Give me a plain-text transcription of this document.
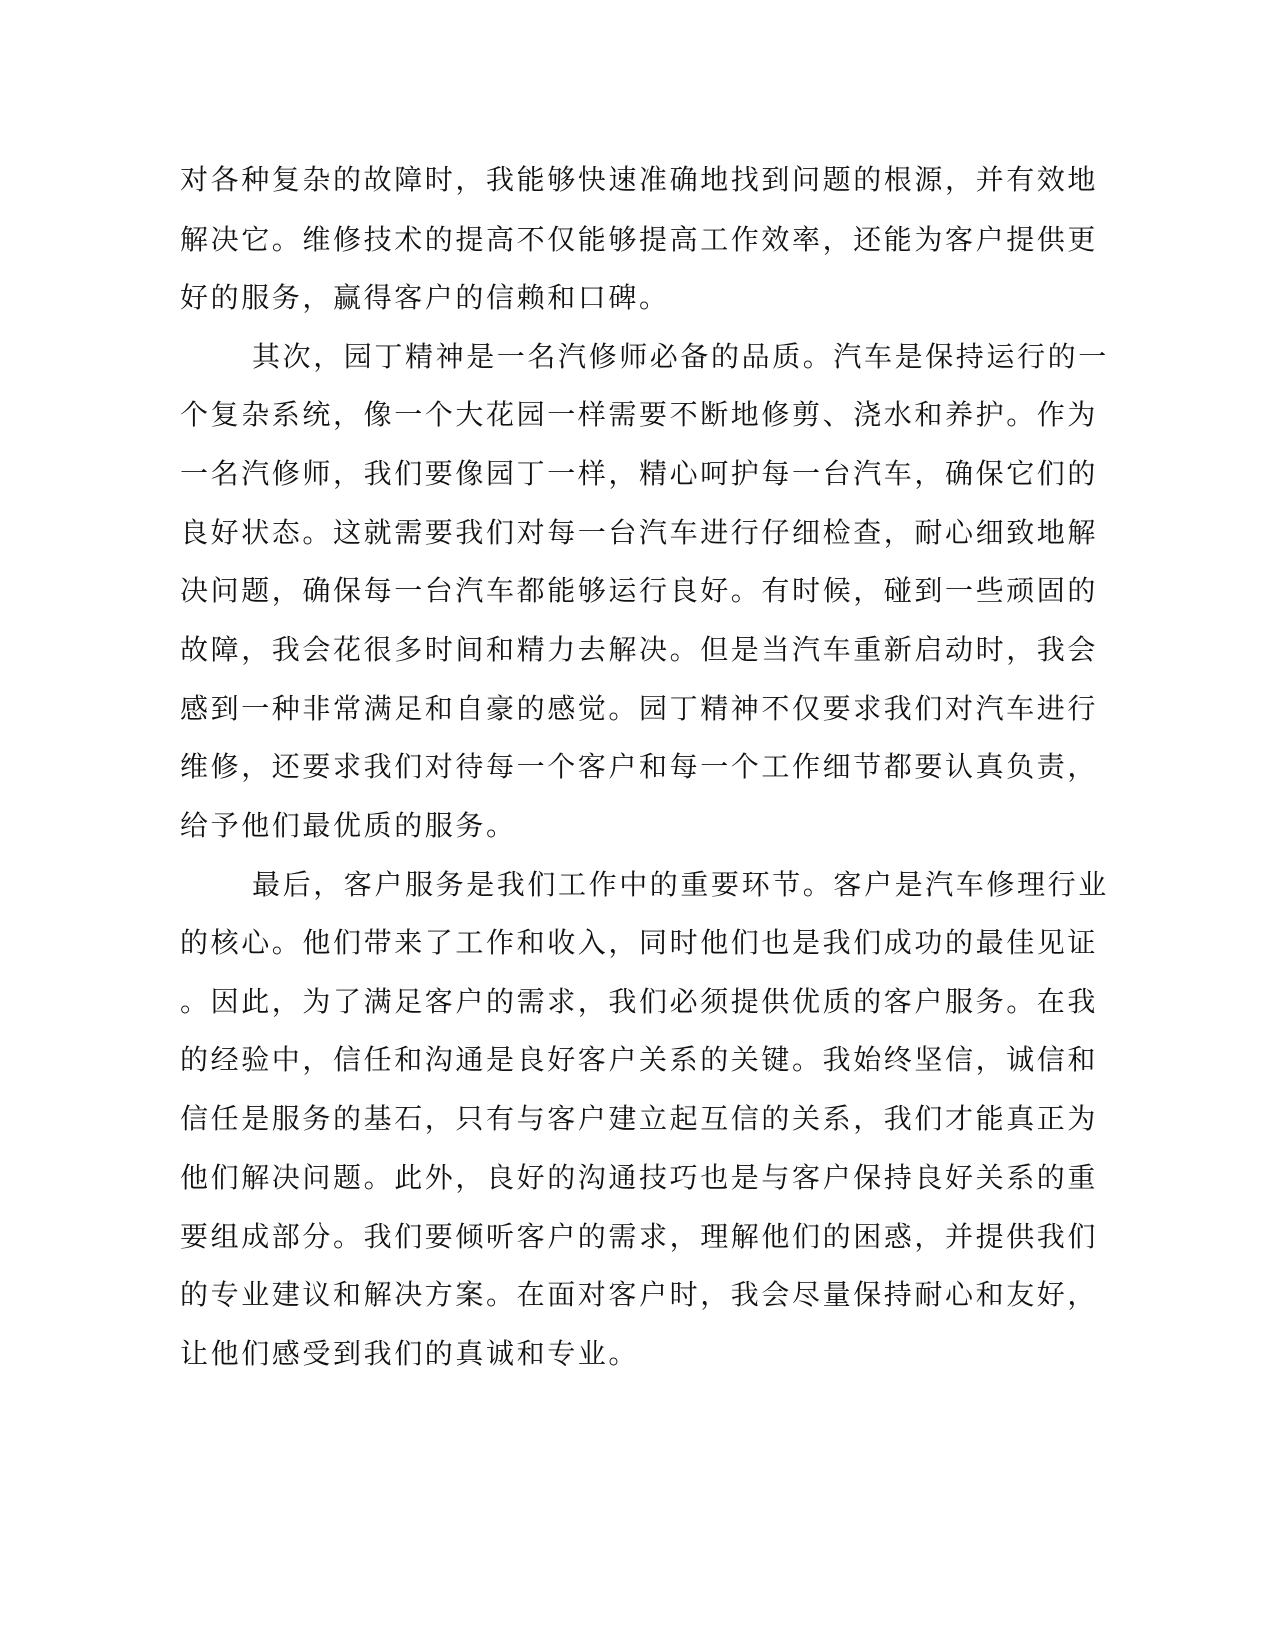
对各种复杂的故障时，我能够快速准确地找到问题的根源，并有效地
解决它。维修技术的提高不仅能够提高工作效率，还能为客户提供更
好的服务，赢得客户的信赖和口碑。
其次，园丁精神是一名汽修师必备的品质。汽车是保持运行的一
个复杂系统，像一个大花园一样需要不断地修剪、浇水和养护。作为
一名汽修师，我们要像园丁一样，精心呵护每一台汽车，确保它们的
良好状态。这就需要我们对每一台汽车进行仔细检查，耐心细致地解
决问题，确保每一台汽车都能够运行良好。有时候，碰到一些顽固的
故障，我会花很多时间和精力去解决。但是当汽车重新启动时，我会
感到一种非常满足和自豪的感觉。园丁精神不仅要求我们对汽车进行
维修，还要求我们对待每一个客户和每一个工作细节都要认真负责，
给予他们最优质的服务。
最后，客户服务是我们工作中的重要环节。客户是汽车修理行业
的核心。他们带来了工作和收入，同时他们也是我们成功的最佳见证
。因此，为了满足客户的需求，我们必须提供优质的客户服务。在我
的经验中，信任和沟通是良好客户关系的关键。我始终坚信，诚信和
信任是服务的基石，只有与客户建立起互信的关系，我们才能真正为
他们解决问题。此外，良好的沟通技巧也是与客户保持良好关系的重
要组成部分。我们要倾听客户的需求，理解他们的困惑，并提供我们
的专业建议和解决方案。在面对客户时，我会尽量保持耐心和友好，
让他们感受到我们的真诚和专业。
